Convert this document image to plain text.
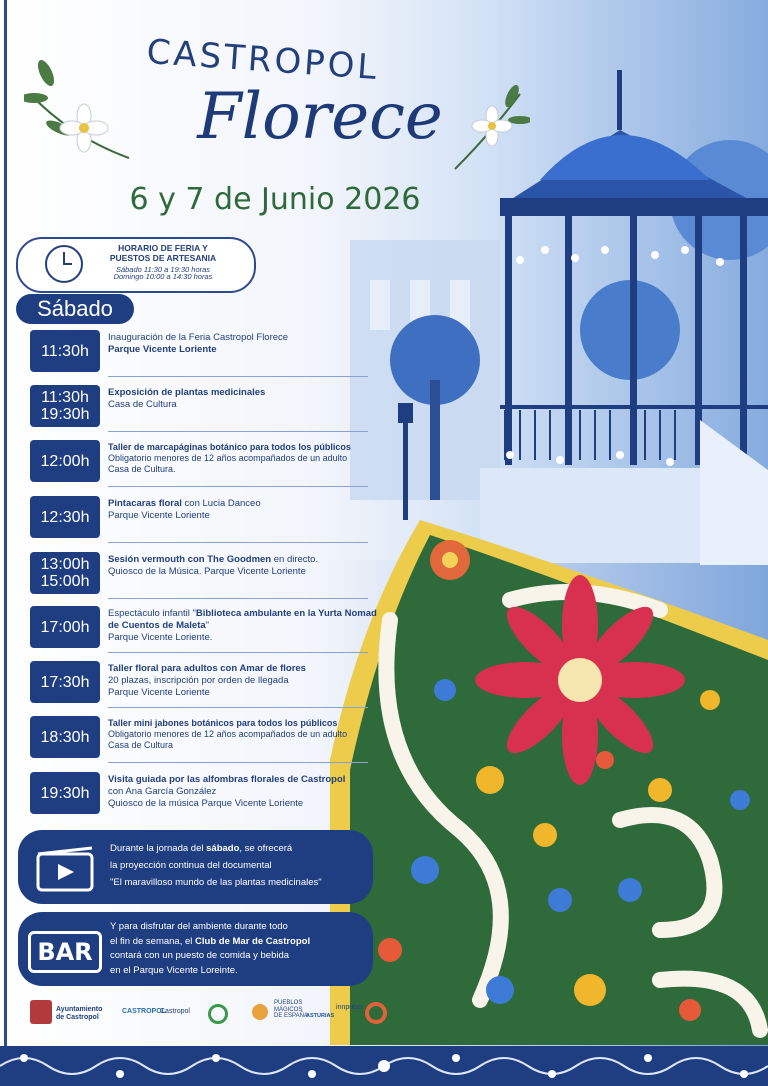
CASTROPOL
Florece
6 y 7 de Junio 2026
HORARIO DE FERIA Y
PUESTOS DE ARTESANIA
Sábado 11:30 a 19:30 horas
Domingo 10:00 a 14:30 horas
Sábado
11:30h
Inauguración de la Feria Castropol Florece
Parque Vicente Loriente
11:30h
19:30h
Exposición de plantas medicinales
Casa de Cultura
12:00h
Taller de marcapáginas botánico para todos los públicos
Obligatorio menores de 12 años acompañados de un adulto
Casa de Cultura.
12:30h
Pintacaras floral con Lucia Danceo
Parque Vicente Loriente
13:00h
15:00h
Sesión vermouth con The Goodmen en directo.
Quiosco de la Música. Parque Vicente Loriente
17:00h
Espectáculo infantil "Biblioteca ambulante en la Yurta Nomad de Cuentos de Maleta"
Parque Vicente Loriente.
17:30h
Taller floral para adultos con Amar de flores
20 plazas, inscripción por orden de llegada
Parque Vicente Loriente
18:30h
Taller mini jabones botánicos para todos los públicos
Obligatorio menores de 12 años acompañados de un adulto
Casa de Cultura
19:30h
Visita guiada por las alfombras florales de Castropol
con Ana García González
Quiosco de la música Parque Vicente Loriente
Durante la jornada del sábado, se ofrecerá
la proyección continua del documental
"El maravilloso mundo de las plantas medicinales"
BAR
Y para disfrutar del ambiente durante todo
el fin de semana, el Club de Mar de Castropol
contará con un puesto de comida y bebida
en el Parque Vicente Loreinte.
Ayuntamiento
de Castropol
CASTROPOL
Castropol
PUEBLOS
MÁGICOS
DE ESPAÑA
ASTURIAS
innpulso
